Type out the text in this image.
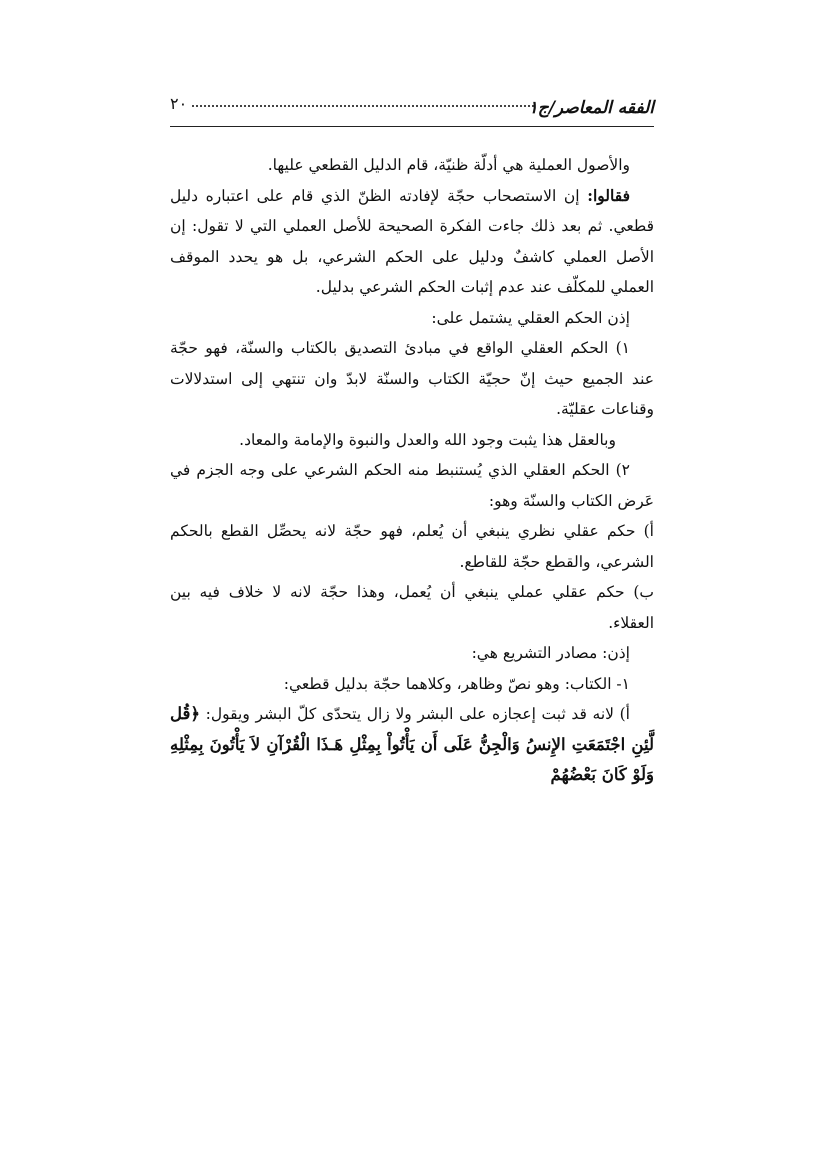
٢٠	الفقه المعاصر/ج١

والأصول العملية هي أدلّة ظنيّة، قام الدليل القطعي عليها.

فقالوا: إن الاستصحاب حجّة لإفادته الظنّ الذي قام على اعتباره دليل قطعي. ثم بعد ذلك جاءت الفكرة الصحيحة للأصل العملي التي لا تقول: إن الأصل العملي كاشفٌ ودليل على الحكم الشرعي، بل هو يحدد الموقف العملي للمكلّف عند عدم إثبات الحكم الشرعي بدليل.

إذن الحكم العقلي يشتمل على:

١) الحكم العقلي الواقع في مبادئ التصديق بالكتاب والسنّة، فهو حجّة عند الجميع حيث إنّ حجيّة الكتاب والسنّة لابدّ وان تنتهي إلى استدلالات وقناعات عقليّة.

وبالعقل هذا يثبت وجود الله والعدل والنبوة والإمامة والمعاد.

٢) الحكم العقلي الذي يُستنبط منه الحكم الشرعي على وجه الجزم في عَرض الكتاب والسنّة وهو:

أ) حكم عقلي نظري ينبغي أن يُعلم، فهو حجّة لانه يحصِّل القطع بالحكم الشرعي، والقطع حجّة للقاطع.

ب) حكم عقلي عملي ينبغي أن يُعمل، وهذا حجّة لانه لا خلاف فيه بين العقلاء.

إذن: مصادر التشريع هي:

١- الكتاب: وهو نصّ وظاهر، وكلاهما حجّة بدليل قطعي:

أ) لانه قد ثبت إعجازه على البشر ولا زال يتحدّى كلّ البشر ويقول: ﴿قُل لَّئِنِ اجْتَمَعَتِ الإِنسُ وَالْجِنُّ عَلَى أَن يَأْتُواْ بِمِثْلِ هَـذَا الْقُرْآنِ لاَ يَأْتُونَ بِمِثْلِهِ وَلَوْ كَانَ بَعْضُهُمْ
